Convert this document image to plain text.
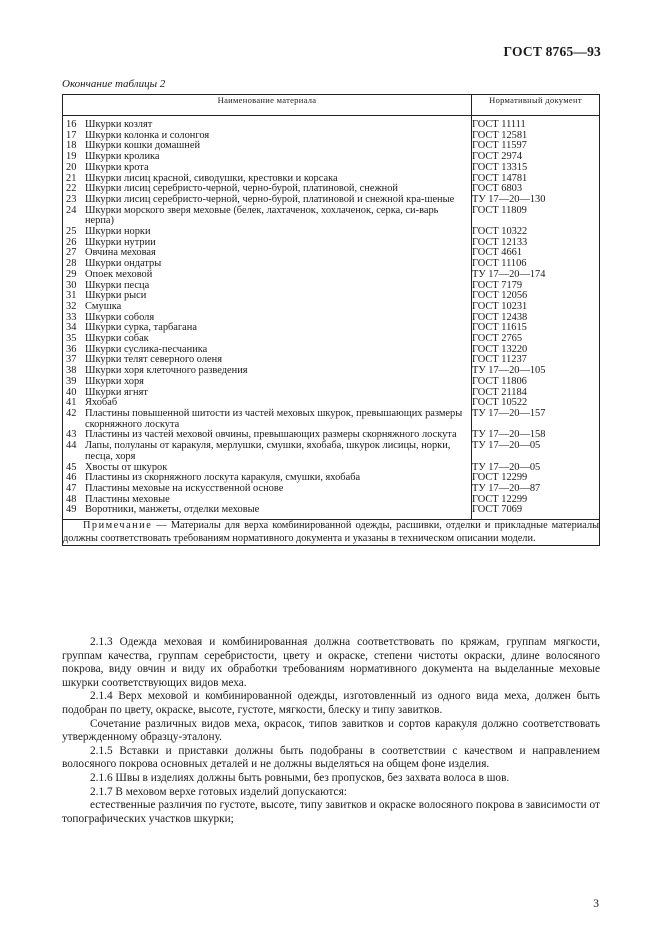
ГОСТ 8765—93
Окончание таблицы 2
Наименование материала	Нормативный документ

16 Шкурки козлят	ГОСТ 11111

17 Шкурки колонка и солонгоя	ГОСТ 12581

18 Шкурки кошки домашней	ГОСТ 11597

19 Шкурки кролика	ГОСТ 2974

20 Шкурки крота	ГОСТ 13315

21 Шкурки лисиц красной, сиводушки, крестовки и корсака	ГОСТ 14781

22 Шкурки лисиц серебристо-черной, черно-бурой, платиновой, снежной	ГОСТ 6803

23 Шкурки лисиц серебристо-черной, черно-бурой, платиновой и снежной кра-шеные	ТУ 17—20—130

24 Шкурки морского зверя меховые (белек, лахтаченок, хохлаченок, серка, си-варь нерпа)	ГОСТ 11809

25 Шкурки норки	ГОСТ 10322

26 Шкурки нутрии	ГОСТ 12133

27 Овчина меховая	ГОСТ 4661

28 Шкурки ондатры	ГОСТ 11106

29 Опоек меховой	ТУ 17—20—174

30 Шкурки песца	ГОСТ 7179

31 Шкурки рыси	ГОСТ 12056

32 Смушка	ГОСТ 10231

33 Шкурки соболя	ГОСТ 12438

34 Шкурки сурка, тарбагана	ГОСТ 11615

35 Шкурки собак	ГОСТ 2765

36 Шкурки суслика-песчаника	ГОСТ 13220

37 Шкурки телят северного оленя	ГОСТ 11237

38 Шкурки хоря клеточного разведения	ТУ 17—20—105

39 Шкурки хоря	ГОСТ 11806

40 Шкурки ягнят	ГОСТ 21184

41 Яхобаб	ГОСТ 10522

42 Пластины повышенной шитости из частей меховых шкурок, превышающих размеры скорняжного лоскута	ТУ 17—20—157

43 Пластины из частей меховой овчины, превышающих размеры скорняжного лоскута	ТУ 17—20—158

44 Лапы, полуланы от каракуля, мерлушки, смушки, яхобаба, шкурок лисицы, норки, песца, хоря	ТУ 17—20—05

45 Хвосты от шкурок	ТУ 17—20—05

46 Пластины из скорняжного лоскута каракуля, смушки, яхобаба	ГОСТ 12299

47 Пластины меховые на искусственной основе	ТУ 17—20—87

48 Пластины меховые	ГОСТ 12299

49 Воротники, манжеты, отделки меховые	ГОСТ 7069
Примечание — Материалы для верха комбинированной одежды, расшивки, отделки и прикладные материалы должны соответствовать требованиям нормативного документа и указаны в техническом описании модели.	

2.1.3 Одежда меховая и комбинированная должна соответствовать по кряжам, группам мягкости, группам качества, группам серебристости, цвету и окраске, степени чистоты окраски, длине волосяного покрова, виду овчин и виду их обработки требованиям нормативного документа на выделанные меховые шкурки соответствующих видов меха.

2.1.4 Верх меховой и комбинированной одежды, изготовленный из одного вида меха, должен быть подобран по цвету, окраске, высоте, густоте, мягкости, блеску и типу завитков.

Сочетание различных видов меха, окрасок, типов завитков и сортов каракуля должно соответствовать утвержденному образцу-эталону.

2.1.5 Вставки и приставки должны быть подобраны в соответствии с качеством и направлением волосяного покрова основных деталей и не должны выделяться на общем фоне изделия.

2.1.6 Швы в изделиях должны быть ровными, без пропусков, без захвата волоса в шов.

2.1.7 В меховом верхе готовых изделий допускаются:

естественные различия по густоте, высоте, типу завитков и окраске волосяного покрова в зависимости от топографических участков шкурки;

3
